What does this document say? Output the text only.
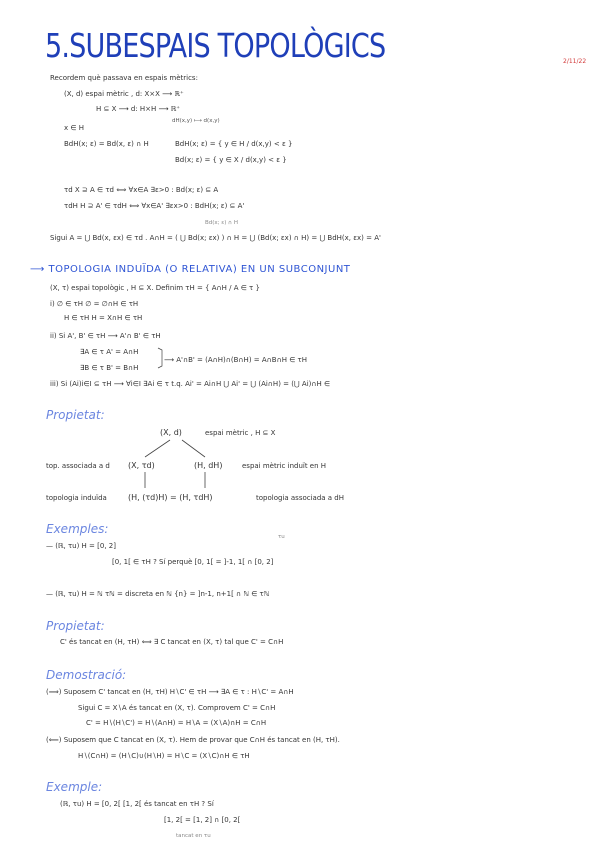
5.SUBESPAIS TOPOLÒGICS	2/11/22
Recordem què passava en espais mètrics:
(X, d) espai mètric , d: X×X ⟶ ℝ⁺
H ⊆ X ⟶ d: H×H ⟶ ℝ⁺
dH(x,y) ⟼ d(x,y)
x ∈ H
BdH(x; ε) = Bd(x, ε) ∩ H	BdH(x; ε) = { y ∈ H / d(x,y) < ε }
Bd(x; ε) = { y ∈ X / d(x,y) < ε }
τd X ⊇ A ∈ τd ⟺ ∀x∈A ∃ε>0 : Bd(x; ε) ⊆ A
τdH H ⊇ A' ∈ τdH ⟺ ∀x∈A' ∃εx>0 : BdH(x; ε) ⊆ A'
Bd(x; ε) ∩ H
Sigui A = ⋃ Bd(x, εx) ∈ τd . A∩H = ( ⋃ Bd(x; εx) ) ∩ H = ⋃ (Bd(x; εx) ∩ H) = ⋃ BdH(x, εx) = A'
⟶ TOPOLOGIA INDUÏDA (O RELATIVA) EN UN SUBCONJUNT
(X, τ) espai topològic , H ⊆ X. Definim τH = { A∩H / A ∈ τ }
i) ∅ ∈ τH ∅ = ∅∩H ∈ τH
H ∈ τH H = X∩H ∈ τH
ii) Si A', B' ∈ τH ⟶ A'∩ B' ∈ τH
∃A ∈ τ A' = A∩H
∃B ∈ τ B' = B∩H
⟶ A'∩B' = (A∩H)∩(B∩H) = A∩B∩H ∈ τH
iii) Si (Ai)i∈I ⊆ τH ⟶ ∀i∈I ∃Ai ∈ τ t.q. Ai' = Ai∩H ⋃ Ai' = ⋃ (Ai∩H) = (⋃ Ai)∩H ∈
Propietat:
(X, d)	espai mètric , H ⊆ X
top. associada a d (X, τd)	(H, dH)	espai mètric induït en H
topologia induïda	(H, (τd)H) = (H, τdH)	topologia associada a dH
Exemples:
— (ℝ, τu) H = [0, 2]
τu
[0, 1[ ∈ τH ? Sí perquè [0, 1[ = ]-1, 1[ ∩ [0, 2]
— (ℝ, τu) H = ℕ τℕ = discreta en ℕ {n} = ]n-1, n+1[ ∩ ℕ ∈ τℕ
Propietat:
C' és tancat en (H, τH) ⟺ ∃ C tancat en (X, τ) tal que C' = C∩H
Demostració:
(⟹) Suposem C' tancat en (H, τH) H∖C' ∈ τH ⟶ ∃A ∈ τ : H∖C' = A∩H
Sigui C = X∖A és tancat en (X, τ). Comprovem C' = C∩H
C' = H∖(H∖C') = H∖(A∩H) = H∖A = (X∖A)∩H = C∩H
(⟸) Suposem que C tancat en (X, τ). Hem de provar que C∩H és tancat en (H, τH).
H∖(C∩H) = (H∖C)∪(H∖H) = H∖C = (X∖C)∩H ∈ τH
Exemple:
(ℝ, τu) H = [0, 2[ [1, 2[ és tancat en τH ? Sí
[1, 2[ = [1, 2] ∩ [0, 2[
tancat en τu
